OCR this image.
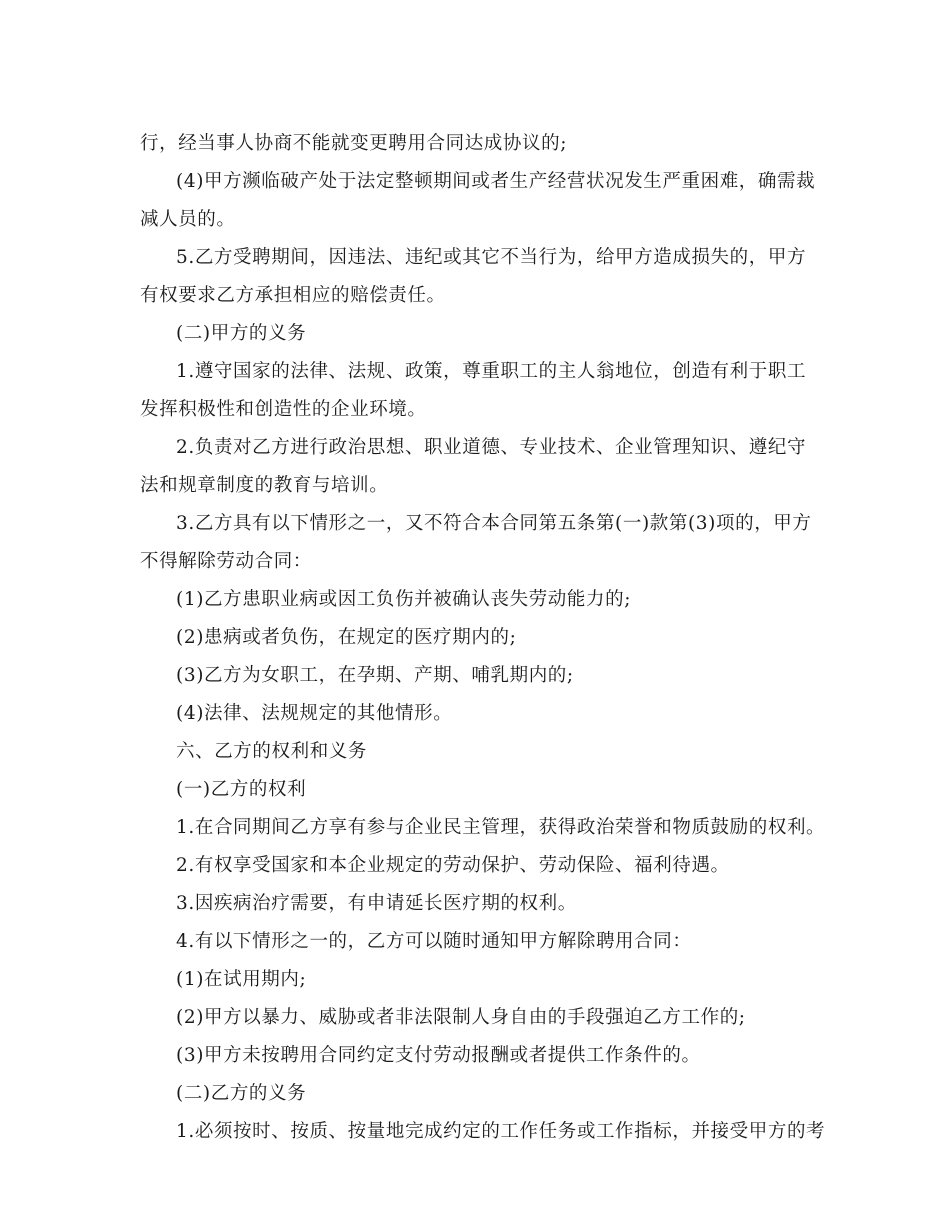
行，经当事人协商不能就变更聘用合同达成协议的;

(4)甲方濒临破产处于法定整顿期间或者生产经营状况发生严重困难，确需裁减人员的。

5.乙方受聘期间，因违法、违纪或其它不当行为，给甲方造成损失的，甲方有权要求乙方承担相应的赔偿责任。

(二)甲方的义务

1.遵守国家的法律、法规、政策，尊重职工的主人翁地位，创造有利于职工发挥积极性和创造性的企业环境。

2.负责对乙方进行政治思想、职业道德、专业技术、企业管理知识、遵纪守法和规章制度的教育与培训。

3.乙方具有以下情形之一，又不符合本合同第五条第(一)款第(3)项的，甲方不得解除劳动合同：

(1)乙方患职业病或因工负伤并被确认丧失劳动能力的;

(2)患病或者负伤，在规定的医疗期内的;

(3)乙方为女职工，在孕期、产期、哺乳期内的;

(4)法律、法规规定的其他情形。

六、乙方的权利和义务

(一)乙方的权利

1.在合同期间乙方享有参与企业民主管理，获得政治荣誉和物质鼓励的权利。

2.有权享受国家和本企业规定的劳动保护、劳动保险、福利待遇。

3.因疾病治疗需要，有申请延长医疗期的权利。

4.有以下情形之一的，乙方可以随时通知甲方解除聘用合同：

(1)在试用期内;

(2)甲方以暴力、威胁或者非法限制人身自由的手段强迫乙方工作的;

(3)甲方未按聘用合同约定支付劳动报酬或者提供工作条件的。

(二)乙方的义务

1.必须按时、按质、按量地完成约定的工作任务或工作指标，并接受甲方的考
